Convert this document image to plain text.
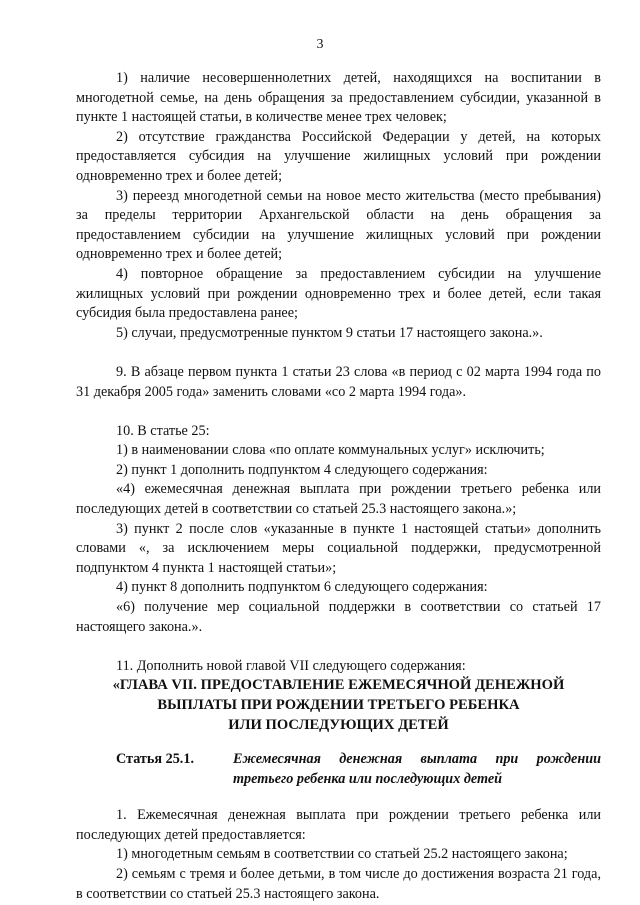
3

1) наличие несовершеннолетних детей, находящихся на воспитании в многодетной семье, на день обращения за предоставлением субсидии, указанной в пункте 1 настоящей статьи, в количестве менее трех человек;

2) отсутствие гражданства Российской Федерации у детей, на которых предоставляется субсидия на улучшение жилищных условий при рождении одновременно трех и более детей;

3) переезд многодетной семьи на новое место жительства (место пребывания) за пределы территории Архангельской области на день обращения за предоставлением субсидии на улучшение жилищных условий при рождении одновременно трех и более детей;

4) повторное обращение за предоставлением субсидии на улучшение жилищных условий при рождении одновременно трех и более детей, если такая субсидия была предоставлена ранее;

5) случаи, предусмотренные пунктом 9 статьи 17 настоящего закона.».

9. В абзаце первом пункта 1 статьи 23 слова «в период с 02 марта 1994 года по 31 декабря 2005 года» заменить словами «со 2 марта 1994 года».

10. В статье 25:

1) в наименовании слова «по оплате коммунальных услуг» исключить;

2) пункт 1 дополнить подпунктом 4 следующего содержания:

«4) ежемесячная денежная выплата при рождении третьего ребенка или последующих детей в соответствии со статьей 25.3 настоящего закона.»;

3) пункт 2 после слов «указанные в пункте 1 настоящей статьи» дополнить словами «, за исключением меры социальной поддержки, предусмотренной подпунктом 4 пункта 1 настоящей статьи»;

4) пункт 8 дополнить подпунктом 6 следующего содержания:

«6) получение мер социальной поддержки в соответствии со статьей 17 настоящего закона.».

11. Дополнить новой главой VII следующего содержания:

«ГЛАВА VII. ПРЕДОСТАВЛЕНИЕ ЕЖЕМЕСЯЧНОЙ ДЕНЕЖНОЙ
ВЫПЛАТЫ ПРИ РОЖДЕНИИ ТРЕТЬЕГО РЕБЕНКА
ИЛИ ПОСЛЕДУЮЩИХ ДЕТЕЙ
Статья 25.1.	Ежемесячная денежная выплата при рождении третьего ребенка или последующих детей

1. Ежемесячная денежная выплата при рождении третьего ребенка или последующих детей предоставляется:

1) многодетным семьям в соответствии со статьей 25.2 настоящего закона;

2) семьям с тремя и более детьми, в том числе до достижения возраста 21 года, в соответствии со статьей 25.3 настоящего закона.
